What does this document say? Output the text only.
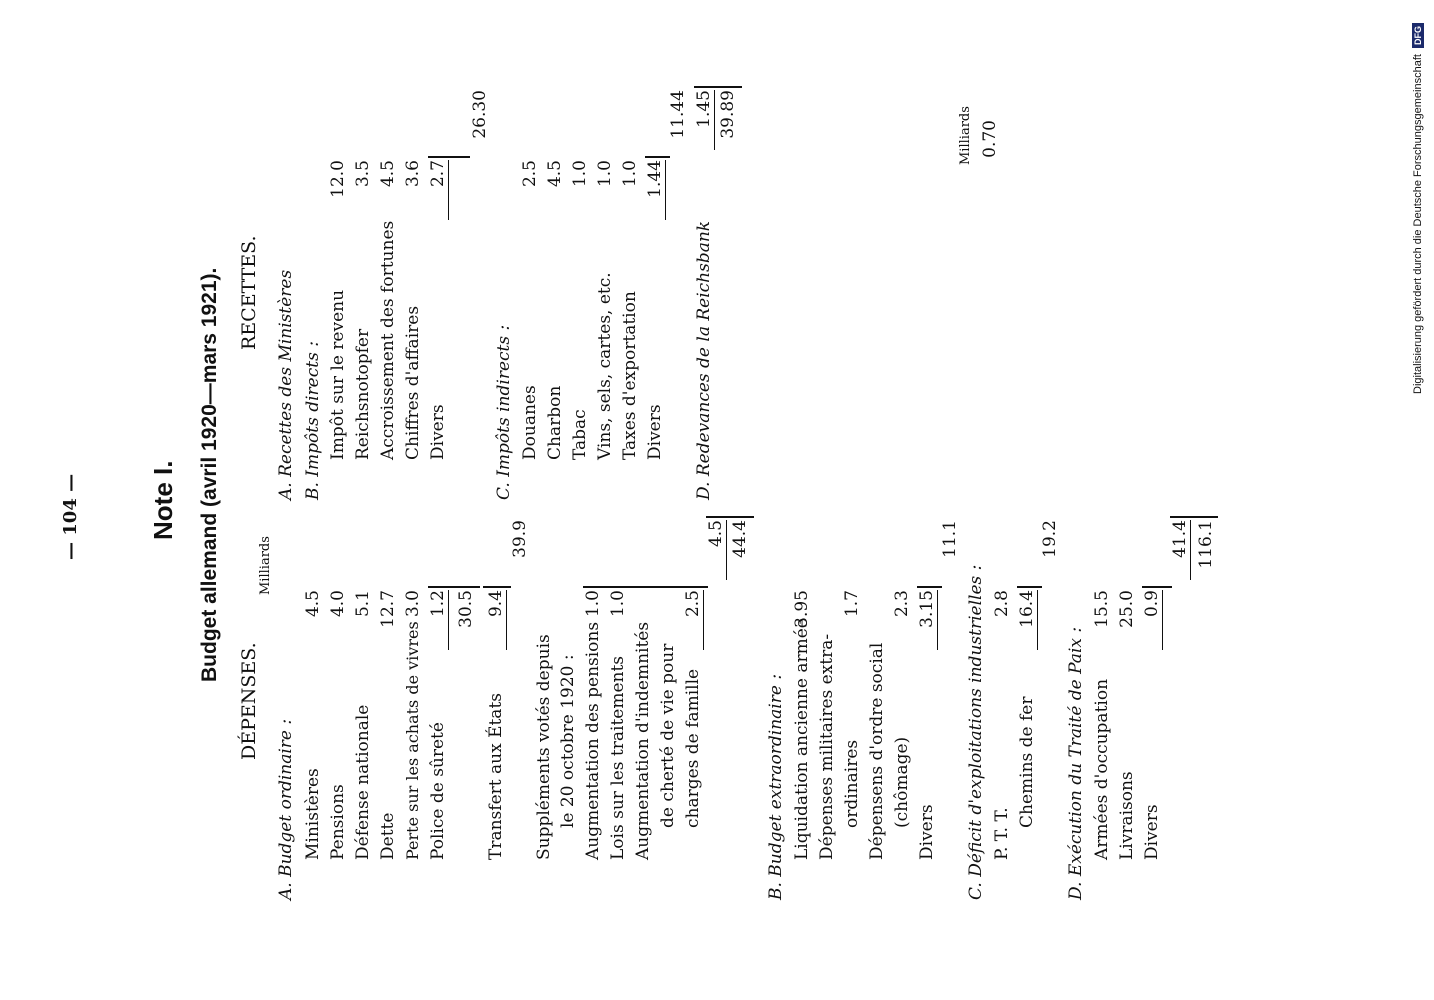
— 104 —	Note I. Budget allemand (avril 1920—mars 1921).
DÉPENSES.
Milliards
A. Budget ordinaire : Ministères
4.5
Pensions
4.0
Défense nationale
5.1
Dette
12.7
Perte sur les achats de vivres
3.0
Police de sûreté
1.2 30.5
Transfert aux États
9.4
39.9
Suppléments votés depuis le 20 octobre 1920 : Augmentation des pensions
1.0
Lois sur les traitements
1.0
Augmentation d'indemnités de cherté de vie pour charges de famille
2.5
4.5 44.4
B. Budget extraordinaire : Liquidation ancienne armée
3.95
Dépenses militaires extra- ordinaires
1.7
Dépensens d'ordre social (chômage)
2.3
Divers
3.15
11.1
C. Déficit d'exploitations industrielles : P. T. T.
2.8
Chemins de fer
16.4
19.2
D. Exécution du Traité de Paix : Armées d'occupation
15.5
Livraisons
25.0
Divers
0.9
41.4 116.1
RECETTES.
Milliards
A. Recettes des Ministères
0.70
B. Impôts directs : Impôt sur le revenu
12.0
Reichsnotopfer
3.5
Accroissement des fortunes
4.5
Chiffres d'affaires
3.6
Divers
2.7
26.30
C. Impôts indirects : Douanes
2.5
Charbon
4.5
Tabac
1.0
Vins, sels, cartes, etc.
1.0
Taxes d'exportation
1.0
Divers
1.44
11.44
D. Redevances de la Reichsbank
1.45 39.89	Digitalisierung gefördert durch die Deutsche Forschungsgemeinschaft
DFG
